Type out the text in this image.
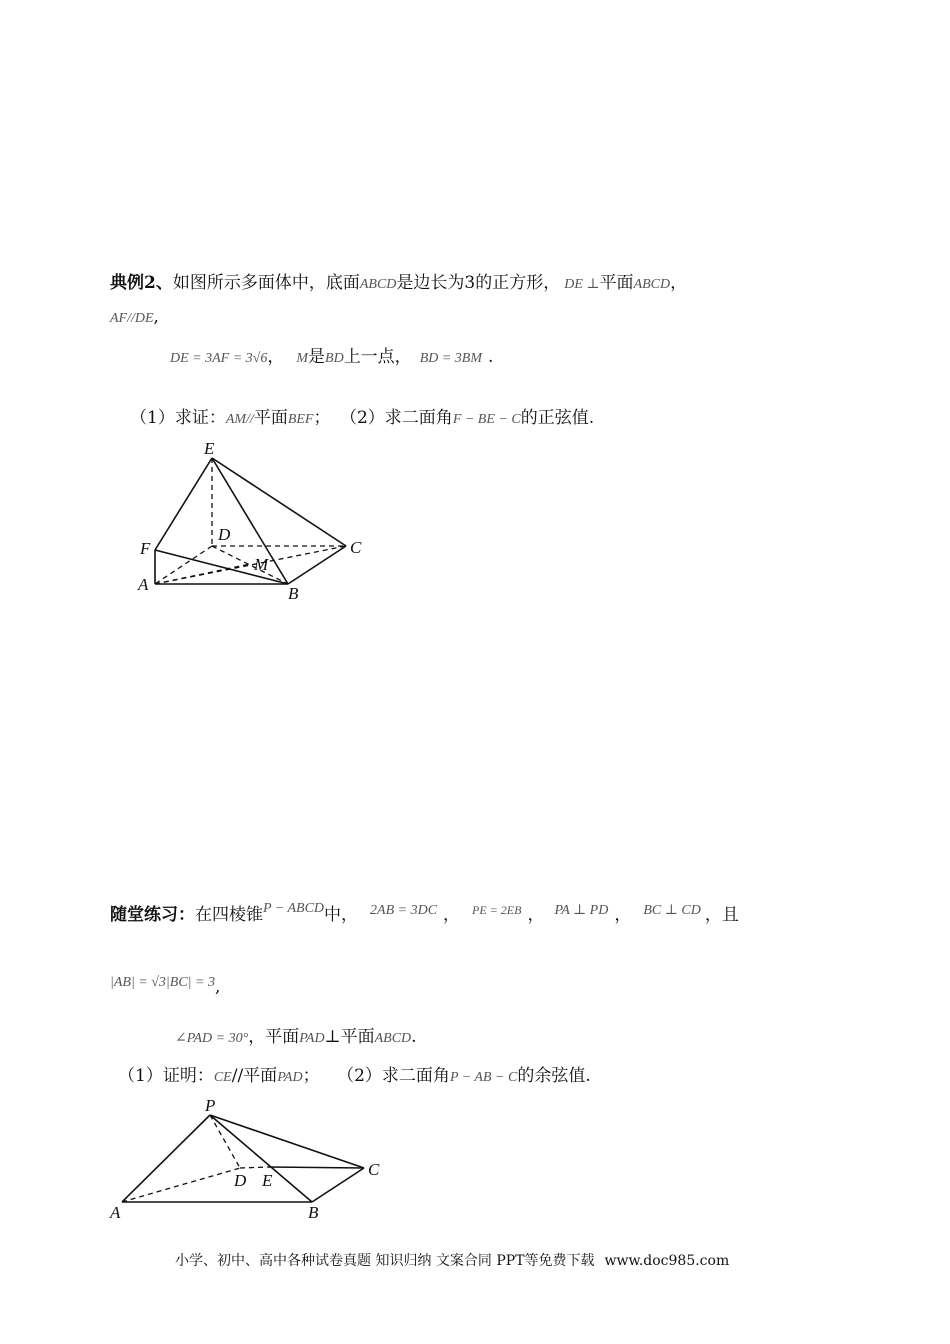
典例2、如图所示多面体中，底面ABCD是边长为3的正方形， DE ⊥平面ABCD，
AF//DE,
DE = 3AF = 3√6， M是BD上一点， BD = 3BM .
（1）求证：AM//平面BEF； （2）求二面角F − BE − C的正弦值.
E
D
F	C
M
A	B
随堂练习：在四棱锥$^{P - ABCD}$中， $^{2AB = 3DC}$ ， $^{PE = 2EB}$ ， $^{PA \perp PD}$ ， $^{BC \perp CD}$ ，且
|AB| = √3|BC| = 3,
∠PAD = 30°，平面PAD⊥平面ABCD.
（1）证明：CE//平面PAD； （2）求二面角P − AB − C的余弦值.
P
D E
C
A	B
小学、初中、高中各种试卷真题 知识归纳 文案合同 PPT等免费下载 www.doc985.com
